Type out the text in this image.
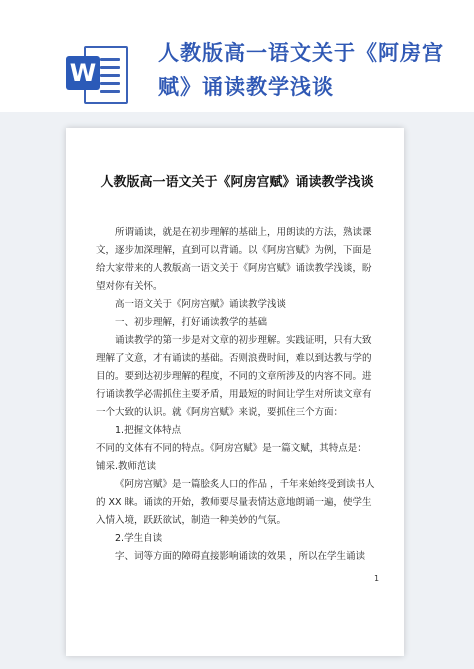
W
人教版高一语文关于《阿房宫赋》诵读教学浅谈
人教版高一语文关于《阿房宫赋》诵读教学浅谈

所谓诵读，就是在初步理解的基础上，用朗读的方法，熟读课文，逐步加深理解，直到可以背诵。以《阿房宫赋》为例，下面是给大家带来的人教版高一语文关于《阿房宫赋》诵读教学浅谈，盼望对你有关怀。

高一语文关于《阿房宫赋》诵读教学浅谈

一、初步理解，打好诵读教学的基础

诵读教学的第一步是对文章的初步理解。实践证明，只有大致理解了文意，才有诵读的基础。否则浪费时间，难以到达教与学的目的。要到达初步理解的程度，不同的文章所涉及的内容不同。进行诵读教学必需抓住主要矛盾，用最短的时间让学生对所读文章有一个大致的认识。就《阿房宫赋》来说，要抓住三个方面：

1.把握文体特点

不同的文体有不同的特点。《阿房宫赋》是一篇文赋，其特点是：

铺采.教师范读

《阿房宫赋》是一篇脍炙人口的作品 ，千年来始终受到读书人的 XX 睐。诵读的开始，教师要尽量表情达意地朗诵一遍，使学生入情入境，跃跃欲试，制造一种美妙的气氛。

2.学生自读

字、词等方面的障碍直接影响诵读的效果 ，所以在学生诵读

1
